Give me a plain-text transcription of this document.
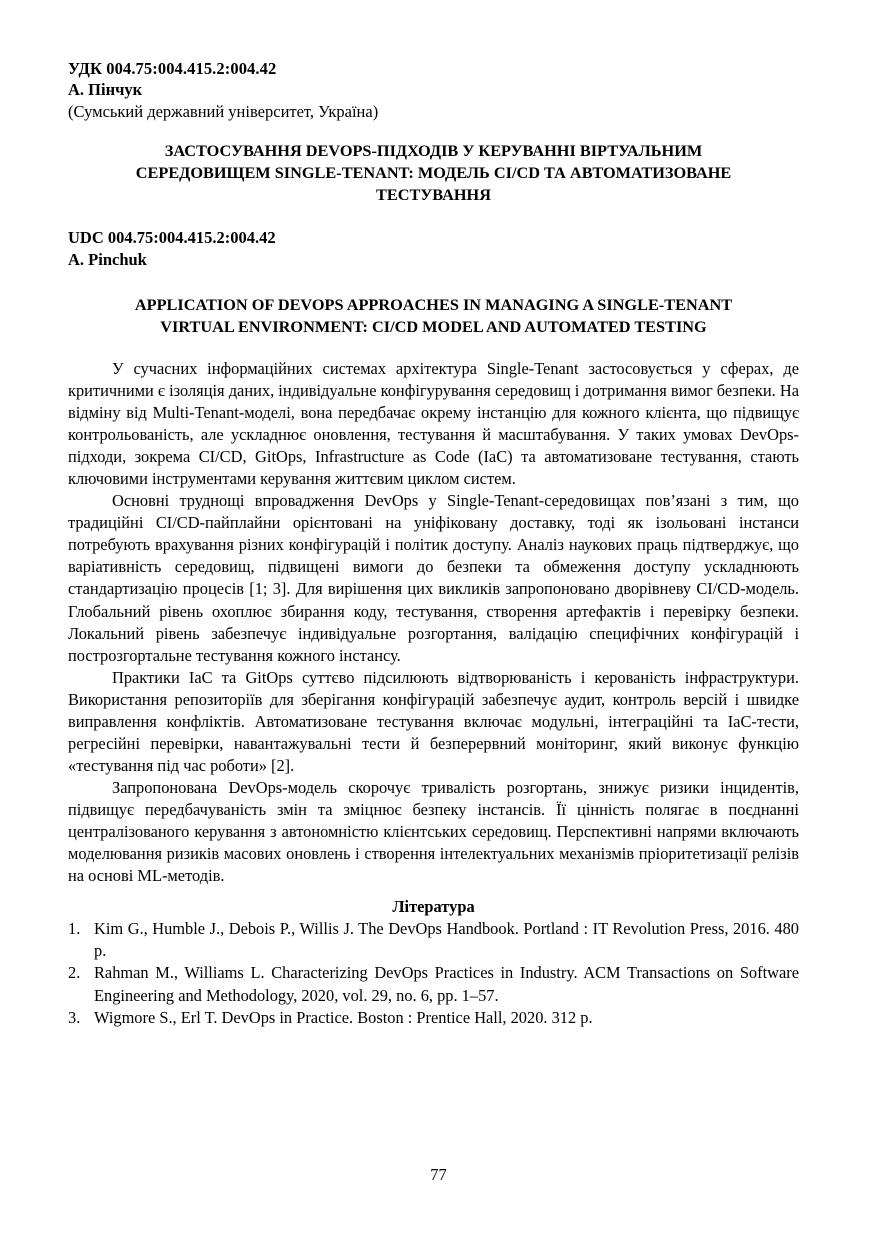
УДК 004.75:004.415.2:004.42
А. Пінчук
(Сумський державний університет, Україна)
ЗАСТОСУВАННЯ DEVOPS-ПІДХОДІВ У КЕРУВАННІ ВІРТУАЛЬНИМ
СЕРЕДОВИЩЕМ SINGLE-TENANT: МОДЕЛЬ CI/CD ТА АВТОМАТИЗОВАНЕ
ТЕСТУВАННЯ
UDC 004.75:004.415.2:004.42
A. Pinchuk
APPLICATION OF DEVOPS APPROACHES IN MANAGING A SINGLE-TENANT
VIRTUAL ENVIRONMENT: CI/CD MODEL AND AUTOMATED TESTING

У сучасних інформаційних системах архітектура Single-Tenant застосовується у сферах, де критичними є ізоляція даних, індивідуальне конфігурування середовищ і дотримання вимог безпеки. На відміну від Multi-Tenant-моделі, вона передбачає окрему інстанцію для кожного клієнта, що підвищує контрольованість, але ускладнює оновлення, тестування й масштабування. У таких умовах DevOps-підходи, зокрема CI/CD, GitOps, Infrastructure as Code (IaC) та автоматизоване тестування, стають ключовими інструментами керування життєвим циклом систем.

Основні труднощі впровадження DevOps у Single-Tenant-середовищах пов’язані з тим, що традиційні CI/CD-пайплайни орієнтовані на уніфіковану доставку, тоді як ізольовані інстанси потребують врахування різних конфігурацій і політик доступу. Аналіз наукових праць підтверджує, що варіативність середовищ, підвищені вимоги до безпеки та обмеження доступу ускладнюють стандартизацію процесів [1; 3]. Для вирішення цих викликів запропоновано дворівневу CI/CD-модель. Глобальний рівень охоплює збирання коду, тестування, створення артефактів і перевірку безпеки. Локальний рівень забезпечує індивідуальне розгортання, валідацію специфічних конфігурацій і построзгортальне тестування кожного інстансу.

Практики IaC та GitOps суттєво підсилюють відтворюваність і керованість інфраструктури. Використання репозиторіїв для зберігання конфігурацій забезпечує аудит, контроль версій і швидке виправлення конфліктів. Автоматизоване тестування включає модульні, інтеграційні та IaC-тести, регресійні перевірки, навантажувальні тести й безперервний моніторинг, який виконує функцію «тестування під час роботи» [2].

Запропонована DevOps-модель скорочує тривалість розгортань, знижує ризики інцидентів, підвищує передбачуваність змін та зміцнює безпеку інстансів. Її цінність полягає в поєднанні централізованого керування з автономністю клієнтських середовищ. Перспективні напрями включають моделювання ризиків масових оновлень і створення інтелектуальних механізмів пріоритетизації релізів на основі ML-методів.

Література
Kim G., Humble J., Debois P., Willis J. The DevOps Handbook. Portland : IT Revolution Press, 2016. 480 p.
Rahman M., Williams L. Characterizing DevOps Practices in Industry. ACM Transactions on Software Engineering and Methodology, 2020, vol. 29, no. 6, pp. 1–57.
Wigmore S., Erl T. DevOps in Practice. Boston : Prentice Hall, 2020. 312 p.
77
